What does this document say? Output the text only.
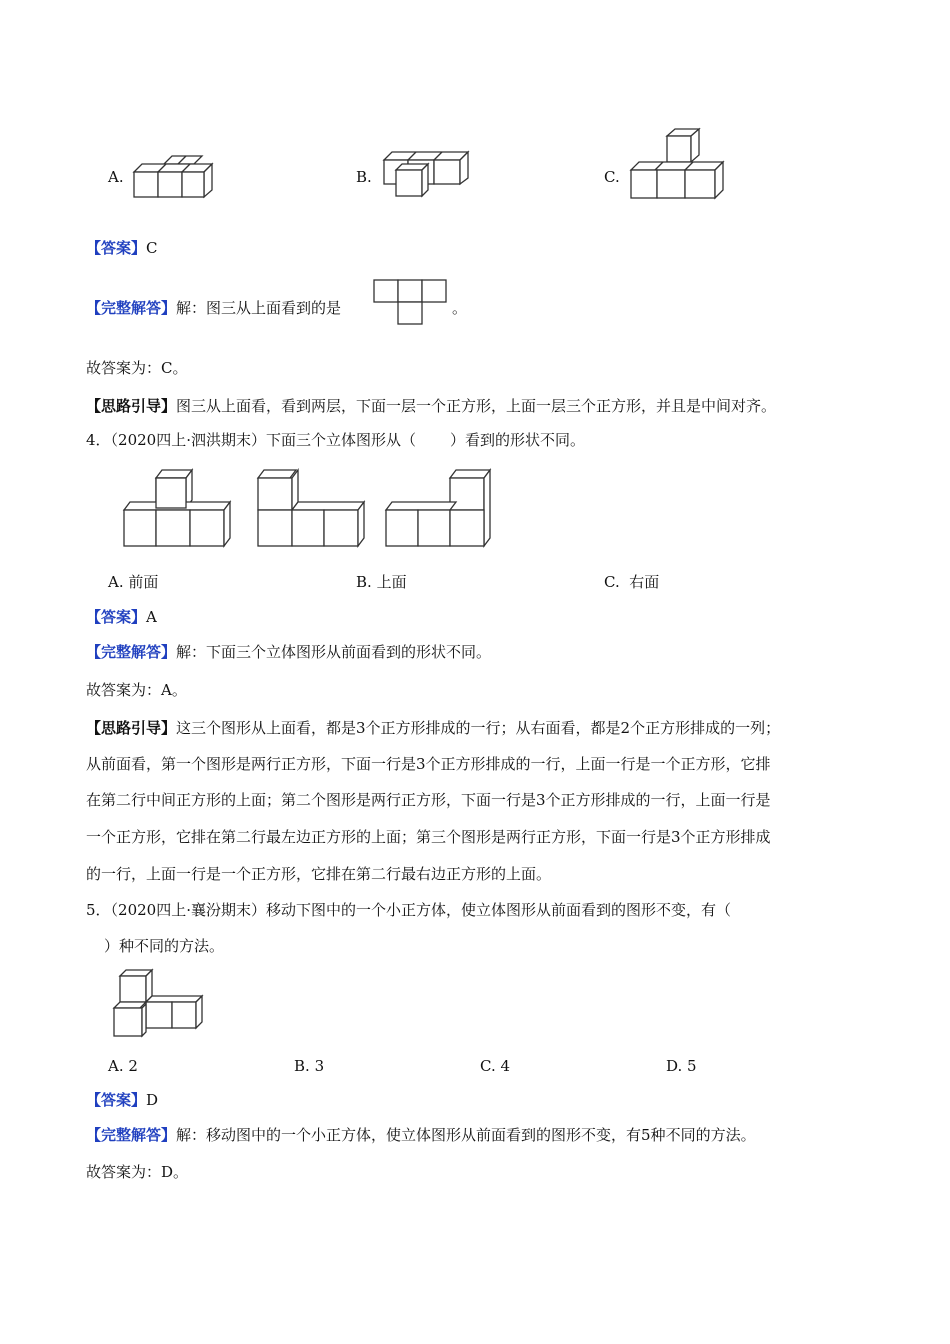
A.	B.	C.
【答案】C
【完整解答】解：图三从上面看到的是	。
故答案为：C。
【思路引导】图三从上面看，看到两层，下面一层一个正方形，上面一层三个正方形，并且是中间对齐。
4．（2020四上·泗洪期末）下面三个立体图形从（ ）看到的形状不同。
A. 前面	B. 上面	C. 右面
【答案】A
【完整解答】解：下面三个立体图形从前面看到的形状不同。
故答案为：A。
【思路引导】这三个图形从上面看，都是3个正方形排成的一行；从右面看，都是2个正方形排成的一列；
从前面看，第一个图形是两行正方形，下面一行是3个正方形排成的一行，上面一行是一个正方形，它排
在第二行中间正方形的上面；第二个图形是两行正方形，下面一行是3个正方形排成的一行，上面一行是
一个正方形，它排在第二行最左边正方形的上面；第三个图形是两行正方形，下面一行是3个正方形排成
的一行，上面一行是一个正方形，它排在第二行最右边正方形的上面。
5．（2020四上·襄汾期末）移动下图中的一个小正方体，使立体图形从前面看到的图形不变，有（
）种不同的方法。
A. 2	B. 3	C. 4	D. 5
【答案】D
【完整解答】解：移动图中的一个小正方体，使立体图形从前面看到的图形不变，有5种不同的方法。
故答案为：D。
